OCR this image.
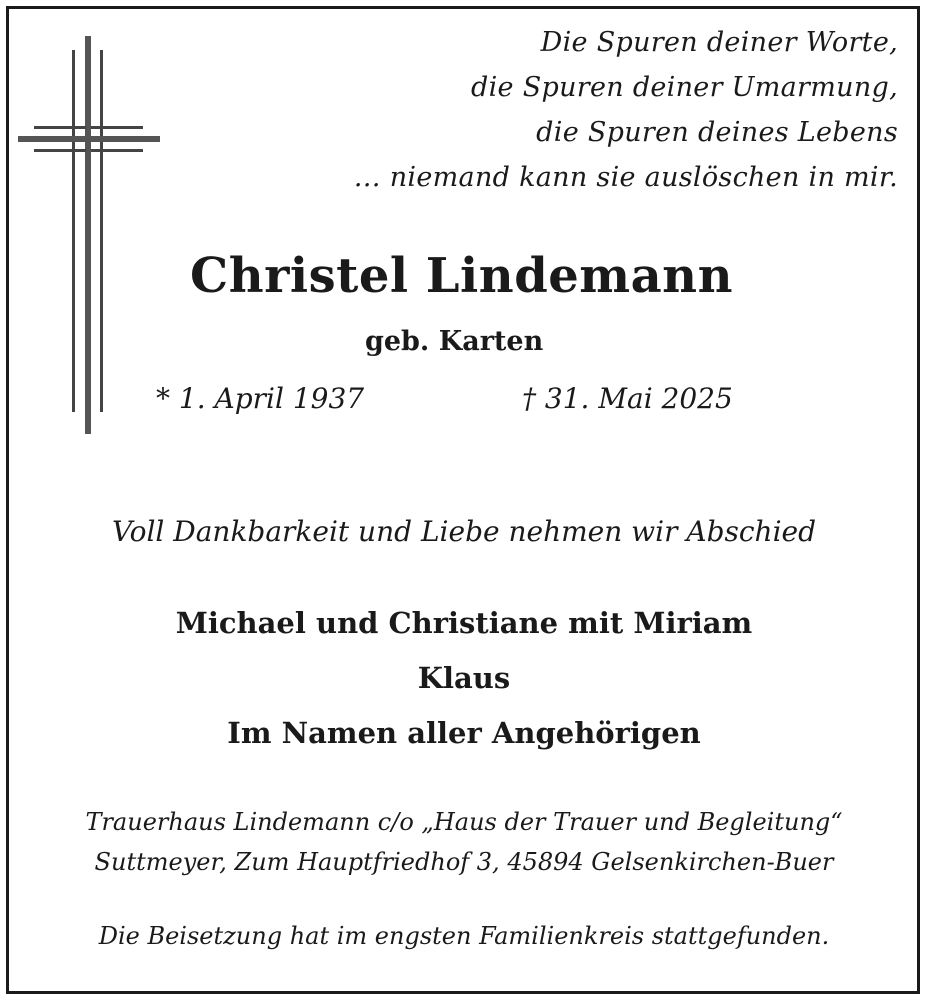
Die Spuren deiner Worte,
die Spuren deiner Umarmung,
die Spuren deines Lebens
… niemand kann sie auslöschen in mir.
Christel Lindemann
geb. Karten
* 1. April 1937	† 31. Mai 2025
Voll Dankbarkeit und Liebe nehmen wir Abschied
Michael und Christiane mit Miriam
Klaus
Im Namen aller Angehörigen
Trauerhaus Lindemann c/o „Haus der Trauer und Begleitung“
Suttmeyer, Zum Hauptfriedhof 3, 45894 Gelsenkirchen-Buer
Die Beisetzung hat im engsten Familienkreis stattgefunden.
